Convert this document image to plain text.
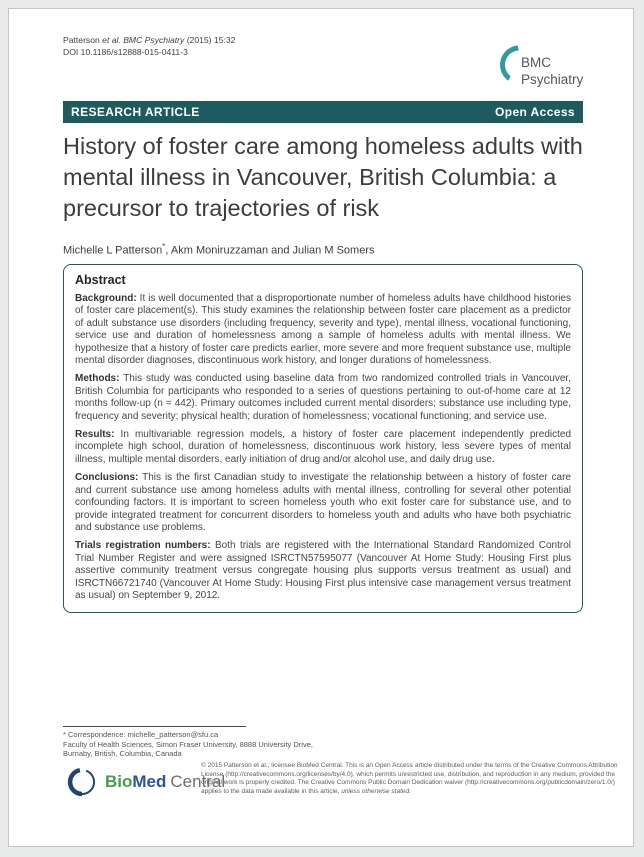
Patterson et al. BMC Psychiatry (2015) 15:32
DOI 10.1186/s12888-015-0411-3
BMC
Psychiatry
RESEARCH ARTICLE	Open Access
History of foster care among homeless adults with mental illness in Vancouver, British Columbia: a precursor to trajectories of risk
Michelle L Patterson*, Akm Moniruzzaman and Julian M Somers
Abstract

Background: It is well documented that a disproportionate number of homeless adults have childhood histories of foster care placement(s). This study examines the relationship between foster care placement as a predictor of adult substance use disorders (including frequency, severity and type), mental illness, vocational functioning, service use and duration of homelessness among a sample of homeless adults with mental illness. We hypothesize that a history of foster care predicts earlier, more severe and more frequent substance use, multiple mental disorder diagnoses, discontinuous work history, and longer durations of homelessness.

Methods: This study was conducted using baseline data from two randomized controlled trials in Vancouver, British Columbia for participants who responded to a series of questions pertaining to out-of-home care at 12 months follow-up (n = 442). Primary outcomes included current mental disorders; substance use including type, frequency and severity; physical health; duration of homelessness; vocational functioning; and service use.

Results: In multivariable regression models, a history of foster care placement independently predicted incomplete high school, duration of homelessness, discontinuous work history, less severe types of mental illness, multiple mental disorders, early initiation of drug and/or alcohol use, and daily drug use.

Conclusions: This is the first Canadian study to investigate the relationship between a history of foster care and current substance use among homeless adults with mental illness, controlling for several other potential confounding factors. It is important to screen homeless youth who exit foster care for substance use, and to provide integrated treatment for concurrent disorders to homeless youth and adults who have both psychiatric and substance use problems.

Trials registration numbers: Both trials are registered with the International Standard Randomized Control Trial Number Register and were assigned ISRCTN57595077 (Vancouver At Home Study: Housing First plus assertive community treatment versus congregate housing plus supports versus treatment as usual) and ISRCTN66721740 (Vancouver At Home Study: Housing First plus intensive case management versus treatment as usual) on September 9, 2012.

* Correspondence: michelle_patterson@sfu.ca
Faculty of Health Sciences, Simon Fraser University, 8888 University Drive,
Burnaby, British, Columbia, Canada
BioMed Central
© 2015 Patterson et al.; licensee BioMed Central. This is an Open Access article distributed under the terms of the Creative Commons Attribution License (http://creativecommons.org/licenses/by/4.0), which permits unrestricted use, distribution, and reproduction in any medium, provided the original work is properly credited. The Creative Commons Public Domain Dedication waiver (http://creativecommons.org/publicdomain/zero/1.0/) applies to the data made available in this article, unless otherwise stated.
